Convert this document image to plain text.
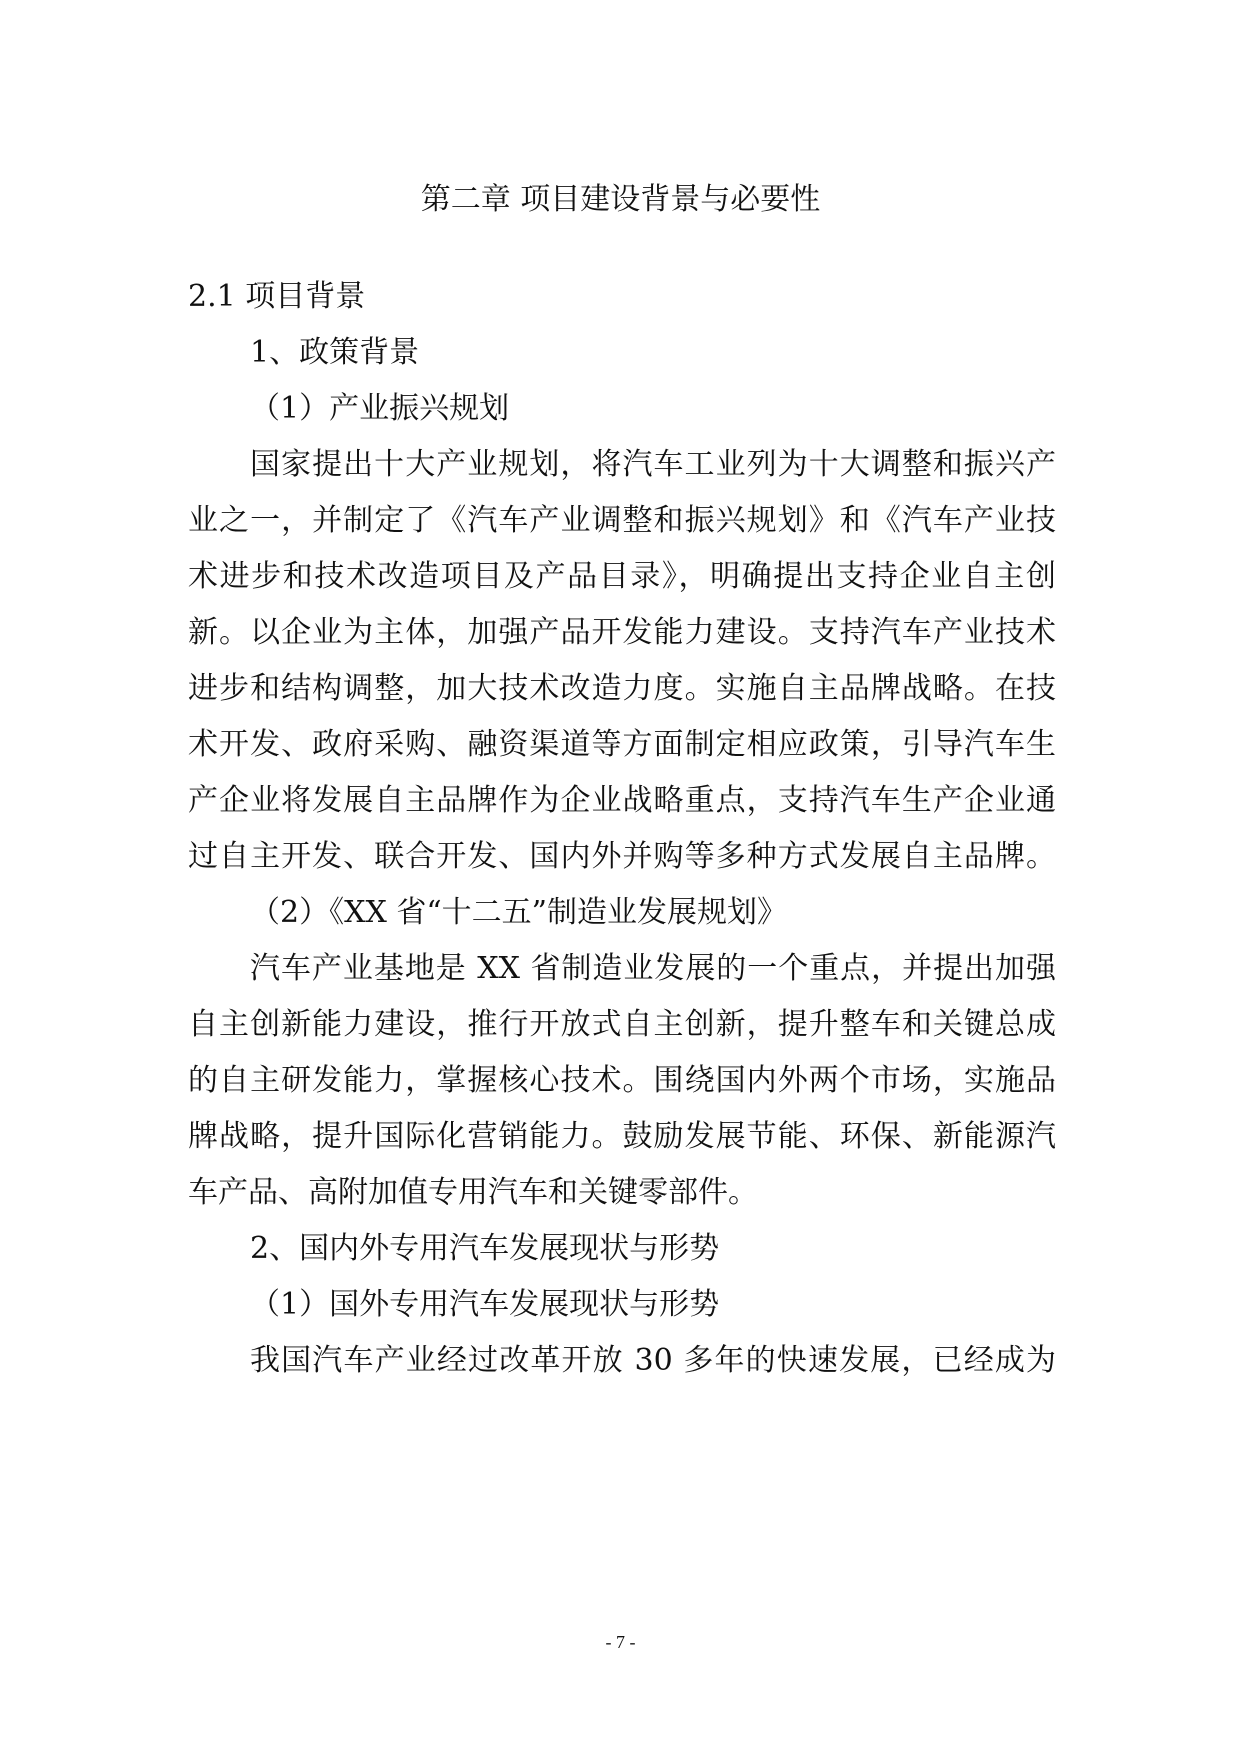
第二章 项目建设背景与必要性

2.1 项目背景

1、政策背景

（1）产业振兴规划

国家提出十大产业规划，将汽车工业列为十大调整和振兴产

业之一，并制定了《汽车产业调整和振兴规划》和《汽车产业技

术进步和技术改造项目及产品目录》，明确提出支持企业自主创

新。以企业为主体，加强产品开发能力建设。支持汽车产业技术

进步和结构调整，加大技术改造力度。实施自主品牌战略。在技

术开发、政府采购、融资渠道等方面制定相应政策，引导汽车生

产企业将发展自主品牌作为企业战略重点，支持汽车生产企业通

过自主开发、联合开发、国内外并购等多种方式发展自主品牌。

（2）《XX 省“十二五”制造业发展规划》

汽车产业基地是 XX 省制造业发展的一个重点，并提出加强

自主创新能力建设，推行开放式自主创新，提升整车和关键总成

的自主研发能力，掌握核心技术。围绕国内外两个市场，实施品

牌战略，提升国际化营销能力。鼓励发展节能、环保、新能源汽

车产品、高附加值专用汽车和关键零部件。

2、国内外专用汽车发展现状与形势

（1）国外专用汽车发展现状与形势

我国汽车产业经过改革开放 30 多年的快速发展，已经成为

- 7 -
